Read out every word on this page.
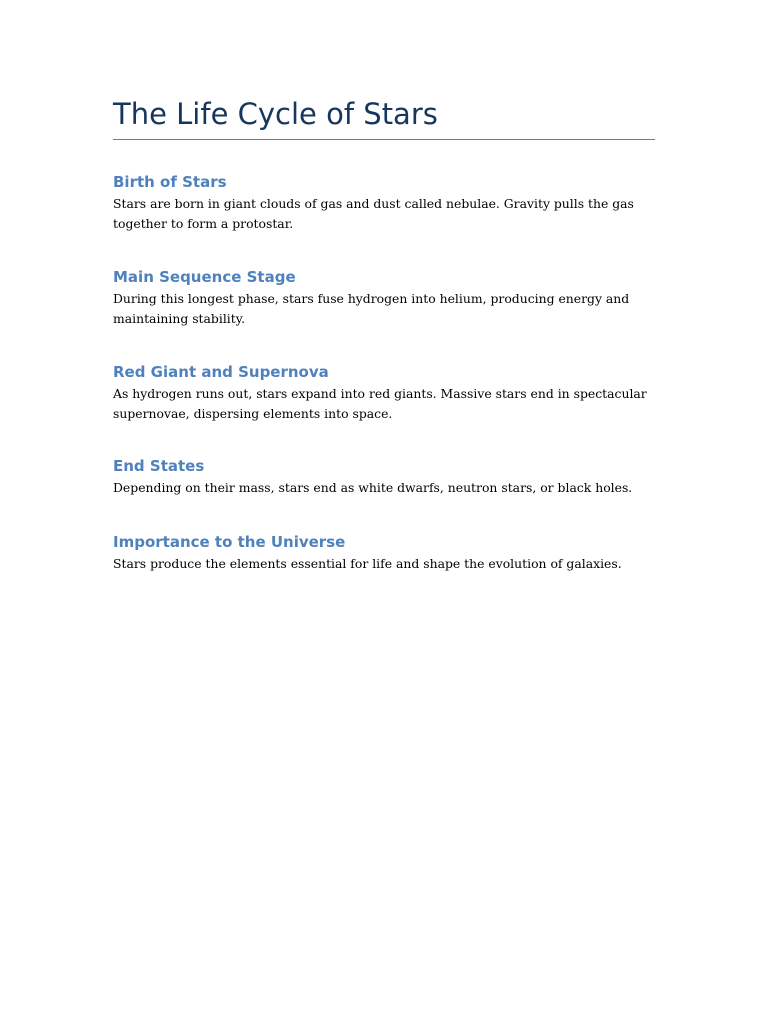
The Life Cycle of Stars
Birth of Stars

Stars are born in giant clouds of gas and dust called nebulae. Gravity pulls the gas together to form a protostar.

Main Sequence Stage

During this longest phase, stars fuse hydrogen into helium, producing energy and maintaining stability.

Red Giant and Supernova

As hydrogen runs out, stars expand into red giants. Massive stars end in spectacular supernovae, dispersing elements into space.

End States

Depending on their mass, stars end as white dwarfs, neutron stars, or black holes.

Importance to the Universe

Stars produce the elements essential for life and shape the evolution of galaxies.
